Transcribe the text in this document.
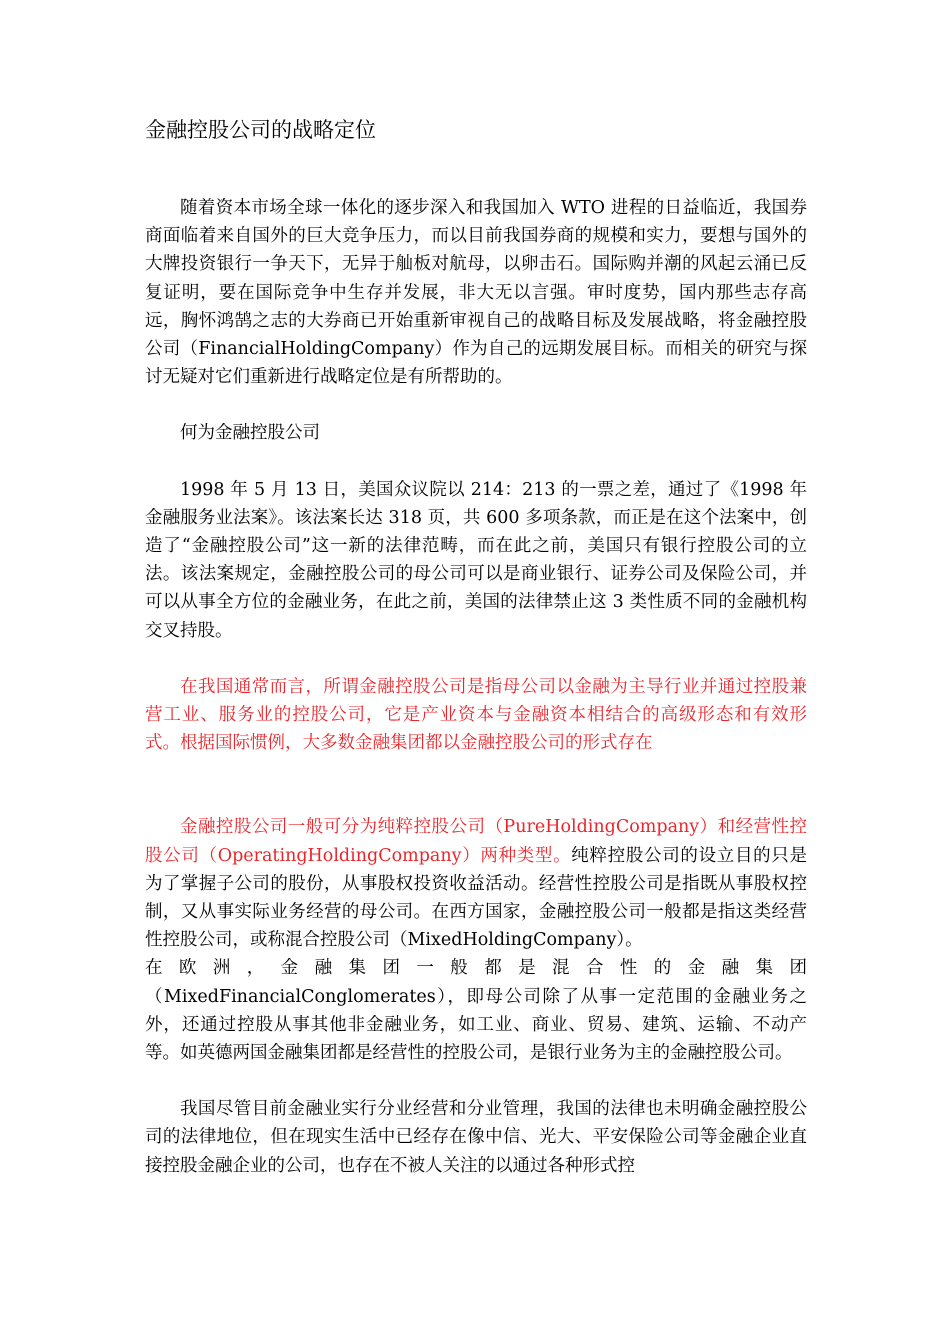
金融控股公司的战略定位

随着资本市场全球一体化的逐步深入和我国加入 WTO 进程的日益临近，我国券商面临着来自国外的巨大竞争压力，而以目前我国券商的规模和实力，要想与国外的大牌投资银行一争天下，无异于舢板对航母，以卵击石。国际购并潮的风起云涌已反复证明，要在国际竞争中生存并发展，非大无以言强。审时度势，国内那些志存高远，胸怀鸿鹄之志的大券商已开始重新审视自己的战略目标及发展战略，将金融控股公司（FinancialHoldingCompany）作为自己的远期发展目标。而相关的研究与探讨无疑对它们重新进行战略定位是有所帮助的。

何为金融控股公司

1998 年 5 月 13 日，美国众议院以 214：213 的一票之差，通过了《1998 年金融服务业法案》。该法案长达 318 页，共 600 多项条款，而正是在这个法案中，创造了“金融控股公司”这一新的法律范畴，而在此之前，美国只有银行控股公司的立法。该法案规定，金融控股公司的母公司可以是商业银行、证券公司及保险公司，并可以从事全方位的金融业务，在此之前，美国的法律禁止这 3 类性质不同的金融机构交叉持股。

在我国通常而言，所谓金融控股公司是指母公司以金融为主导行业并通过控股兼营工业、服务业的控股公司，它是产业资本与金融资本相结合的高级形态和有效形式。根据国际惯例，大多数金融集团都以金融控股公司的形式存在

金融控股公司一般可分为纯粹控股公司（PureHoldingCompany）和经营性控股公司（OperatingHoldingCompany）两种类型。纯粹控股公司的设立目的只是为了掌握子公司的股份，从事股权投资收益活动。经营性控股公司是指既从事股权控制，又从事实际业务经营的母公司。在西方国家，金融控股公司一般都是指这类经营性控股公司，或称混合控股公司（MixedHoldingCompany）。
在 欧 洲 ， 金 融 集 团 一 般 都 是 混 合 性 的 金 融 集 团
（MixedFinancialConglomerates），即母公司除了从事一定范围的金融业务之外，还通过控股从事其他非金融业务，如工业、商业、贸易、建筑、运输、不动产等。如英德两国金融集团都是经营性的控股公司，是银行业务为主的金融控股公司。

我国尽管目前金融业实行分业经营和分业管理，我国的法律也未明确金融控股公司的法律地位，但在现实生活中已经存在像中信、光大、平安保险公司等金融企业直接控股金融企业的公司，也存在不被人关注的以通过各种形式控
